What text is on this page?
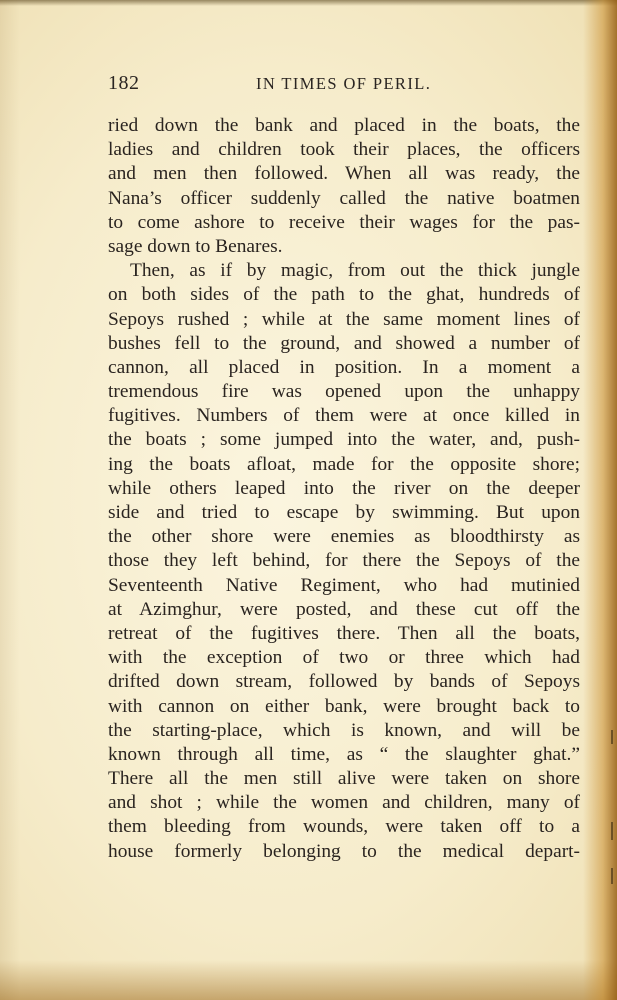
182	IN TIMES OF PERIL.
ried down the bank and placed in the boats, the
ladies and children took their places, the officers
and men then followed. When all was ready, the
Nana’s officer suddenly called the native boatmen
to come ashore to receive their wages for the pas-
sage down to Benares.
Then, as if by magic, from out the thick jungle
on both sides of the path to the ghat, hundreds of
Sepoys rushed ; while at the same moment lines of
bushes fell to the ground, and showed a number of
cannon, all placed in position. In a moment a
tremendous fire was opened upon the unhappy
fugitives. Numbers of them were at once killed in
the boats ; some jumped into the water, and, push-
ing the boats afloat, made for the opposite shore;
while others leaped into the river on the deeper
side and tried to escape by swimming. But upon
the other shore were enemies as bloodthirsty as
those they left behind, for there the Sepoys of the
Seventeenth Native Regiment, who had mutinied
at Azimghur, were posted, and these cut off the
retreat of the fugitives there. Then all the boats,
with the exception of two or three which had
drifted down stream, followed by bands of Sepoys
with cannon on either bank, were brought back to
the starting-place, which is known, and will be
known through all time, as “ the slaughter ghat.”
There all the men still alive were taken on shore
and shot ; while the women and children, many of
them bleeding from wounds, were taken off to a
house formerly belonging to the medical depart-
